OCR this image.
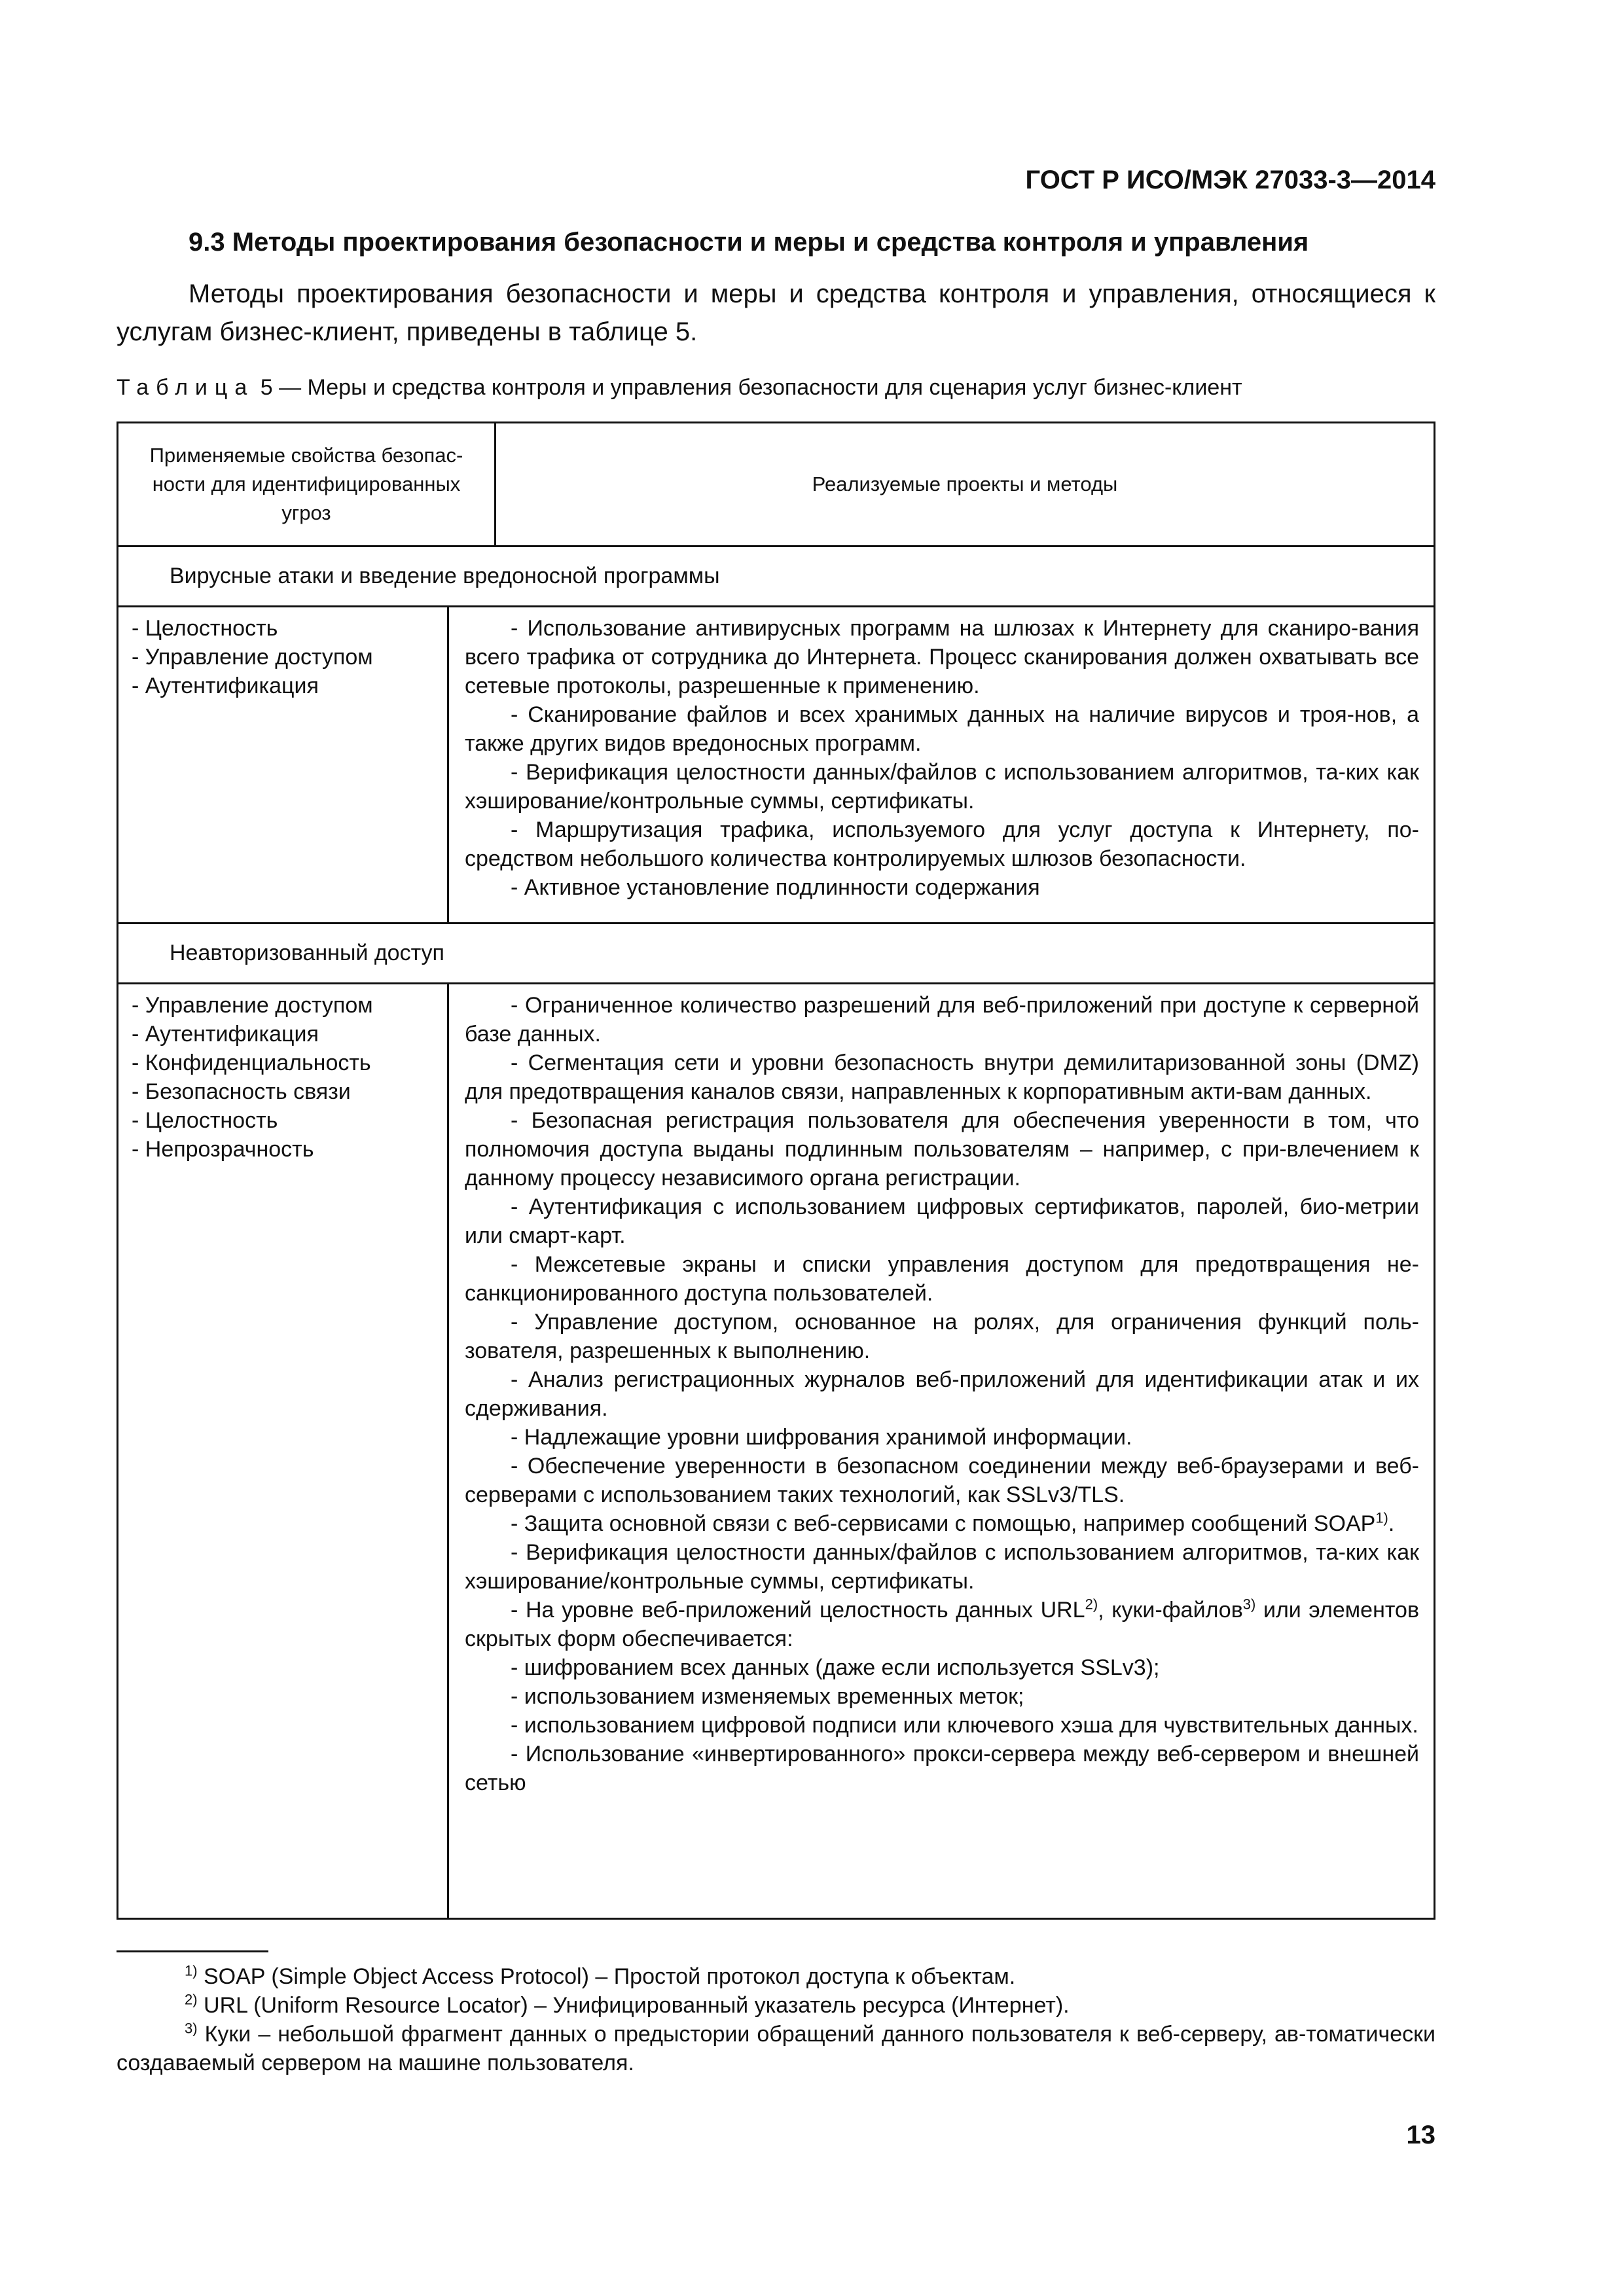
ГОСТ Р ИСО/МЭК 27033-3—2014
9.3 Методы проектирования безопасности и меры и средства контроля и управления

Методы проектирования безопасности и меры и средства контроля и управления, относящиеся к услугам бизнес-клиент, приведены в таблице 5.

Таблица 5 — Меры и средства контроля и управления безопасности для сценария услуг бизнес-клиент
Применяемые свойства безопас-ности для идентифицированных угроз
Реализуемые проекты и методы
Вирусные атаки и введение вредоносной программы
- Целостность
- Управление доступом
- Аутентификация

- Использование антивирусных программ на шлюзах к Интернету для сканиро-вания всего трафика от сотрудника до Интернета. Процесс сканирования должен охватывать все сетевые протоколы, разрешенные к применению.

- Сканирование файлов и всех хранимых данных на наличие вирусов и троя-нов, а также других видов вредоносных программ.

- Верификация целостности данных/файлов с использованием алгоритмов, та-ких как хэширование/контрольные суммы, сертификаты.

- Маршрутизация трафика, используемого для услуг доступа к Интернету, по-средством небольшого количества контролируемых шлюзов безопасности.

- Активное установление подлинности содержания

Неавторизованный доступ
- Управление доступом
- Аутентификация
- Конфиденциальность
- Безопасность связи
- Целостность
- Непрозрачность

- Ограниченное количество разрешений для веб-приложений при доступе к серверной базе данных.

- Сегментация сети и уровни безопасность внутри демилитаризованной зоны (DMZ) для предотвращения каналов связи, направленных к корпоративным акти-вам данных.

- Безопасная регистрация пользователя для обеспечения уверенности в том, что полномочия доступа выданы подлинным пользователям – например, с при-влечением к данному процессу независимого органа регистрации.

- Аутентификация с использованием цифровых сертификатов, паролей, био-метрии или смарт-карт.

- Межсетевые экраны и списки управления доступом для предотвращения не-санкционированного доступа пользователей.

- Управление доступом, основанное на ролях, для ограничения функций поль-зователя, разрешенных к выполнению.

- Анализ регистрационных журналов веб-приложений для идентификации атак и их сдерживания.

- Надлежащие уровни шифрования хранимой информации.

- Обеспечение уверенности в безопасном соединении между веб-браузерами и веб-серверами с использованием таких технологий, как SSLv3/TLS.

- Защита основной связи с веб-сервисами с помощью, например сообщений SOAP$^{1)}$.

- Верификация целостности данных/файлов с использованием алгоритмов, та-ких как хэширование/контрольные суммы, сертификаты.

- На уровне веб-приложений целостность данных URL$^{2)}$, куки-файлов$^{3)}$ или элементов скрытых форм обеспечивается:

- шифрованием всех данных (даже если используется SSLv3);

- использованием изменяемых временных меток;

- использованием цифровой подписи или ключевого хэша для чувствительных данных.

- Использование «инвертированного» прокси-сервера между веб-сервером и внешней сетью

$^{1)}$ SOAP (Simple Object Access Protocol) – Простой протокол доступа к объектам.

$^{2)}$ URL (Uniform Resource Locator) – Унифицированный указатель ресурса (Интернет).

$^{3)}$ Куки – небольшой фрагмент данных о предыстории обращений данного пользователя к веб-серверу, ав-томатически создаваемый сервером на машине пользователя.

13
